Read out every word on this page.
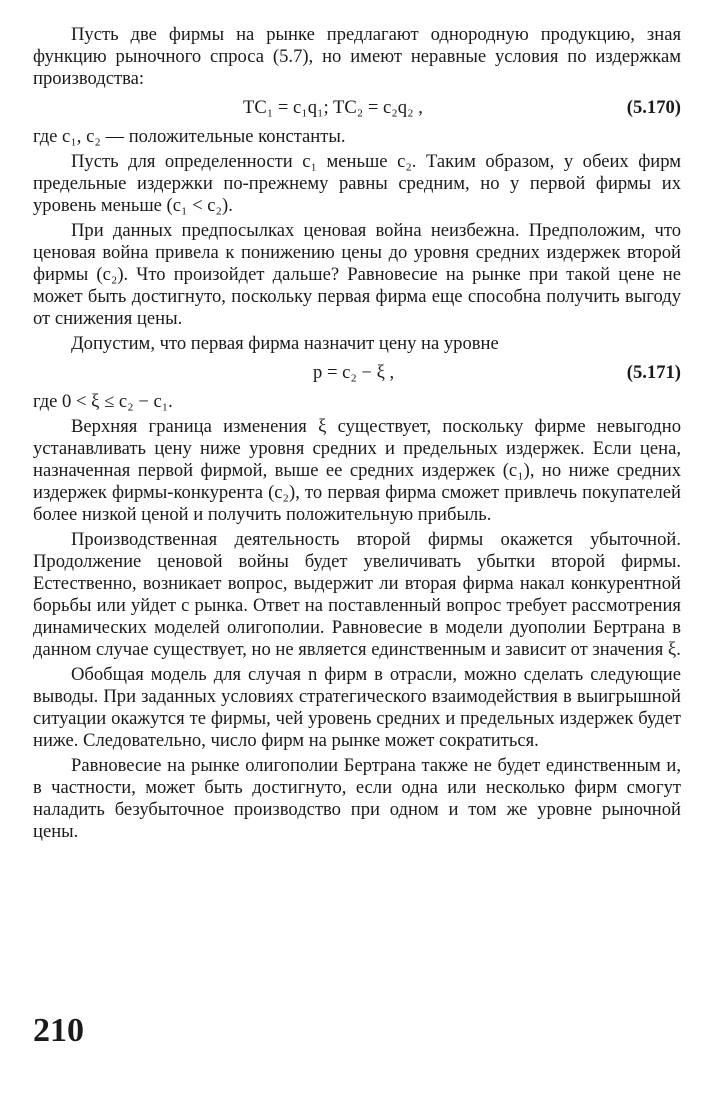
Пусть две фирмы на рынке предлагают однородную продукцию, зная функцию рыночного спроса (5.7), но имеют неравные условия по издержкам производства:

TC₁ = c₁q₁; TC₂ = c₂q₂ ,	(5.170)

где c₁, c₂ — положительные константы.

Пусть для определенности c₁ меньше c₂. Таким образом, у обеих фирм предельные издержки по-прежнему равны средним, но у первой фирмы их уровень меньше (c₁ < c₂).

При данных предпосылках ценовая война неизбежна. Предположим, что ценовая война привела к понижению цены до уровня средних издержек второй фирмы (c₂). Что произойдет дальше? Равновесие на рынке при такой цене не может быть достигнуто, поскольку первая фирма еще способна получить выгоду от снижения цены.

Допустим, что первая фирма назначит цену на уровне

p = c₂ − ξ ,	(5.171)

где 0 < ξ ≤ c₂ − c₁.

Верхняя граница изменения ξ существует, поскольку фирме невыгодно устанавливать цену ниже уровня средних и предельных издержек. Если цена, назначенная первой фирмой, выше ее средних издержек (c₁), но ниже средних издержек фирмы-конкурента (c₂), то первая фирма сможет привлечь покупателей более низкой ценой и получить положительную прибыль.

Производственная деятельность второй фирмы окажется убыточной. Продолжение ценовой войны будет увеличивать убытки второй фирмы. Естественно, возникает вопрос, выдержит ли вторая фирма накал конкурентной борьбы или уйдет с рынка. Ответ на поставленный вопрос требует рассмотрения динамических моделей олигополии. Равновесие в модели дуополии Бертрана в данном случае существует, но не является единственным и зависит от значения ξ.

Обобщая модель для случая n фирм в отрасли, можно сделать следующие выводы. При заданных условиях стратегического взаимодействия в выигрышной ситуации окажутся те фирмы, чей уровень средних и предельных издержек будет ниже. Следовательно, число фирм на рынке может сократиться.

Равновесие на рынке олигополии Бертрана также не будет единственным и, в частности, может быть достигнуто, если одна или несколько фирм смогут наладить безубыточное производство при одном и том же уровне рыночной цены.

210
